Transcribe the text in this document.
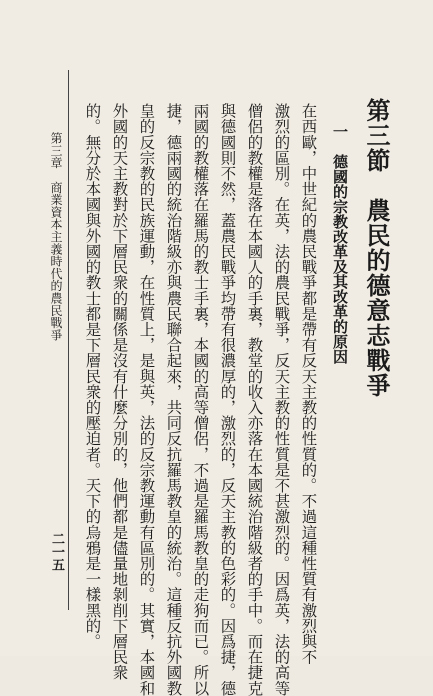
第三節　農民的德意志戰爭
一　德國的宗教改革及其改革的原因
在西歐，中世紀的農民戰爭都是帶有反天主教的性質的。不過這種性質有激烈與不
激烈的區別。在英，法的農民戰爭，反天主教的性質是不甚激烈的。因爲英，法的高等
僧侶的教權是落在本國人的手裏，教堂的收入亦落在本國統治階級者的手中。而在捷克
與德國則不然，蓋農民戰爭均帶有很濃厚的，激烈的，反天主教的色彩的。因爲捷，德
兩國的教權落在羅馬的教士手裏，本國的高等僧侶，不過是羅馬教皇的走狗而已。所以
捷，德兩國的統治階級亦與農民聯合起來，共同反抗羅馬教皇的統治。這種反抗外國教
皇的反宗教的民族運動，在性質上，是與英，法的反宗教運動有區別的。其實，本國和
外國的天主教對於下層民衆的關係是沒有什麼分別的，他們都是儘量地剝削下層民衆
的。無分於本國與外國的教士都是下層民衆的壓迫者。天下的烏鴉是一樣黑的。
第三章　商業資本主義時代的農民戰爭
二一五
